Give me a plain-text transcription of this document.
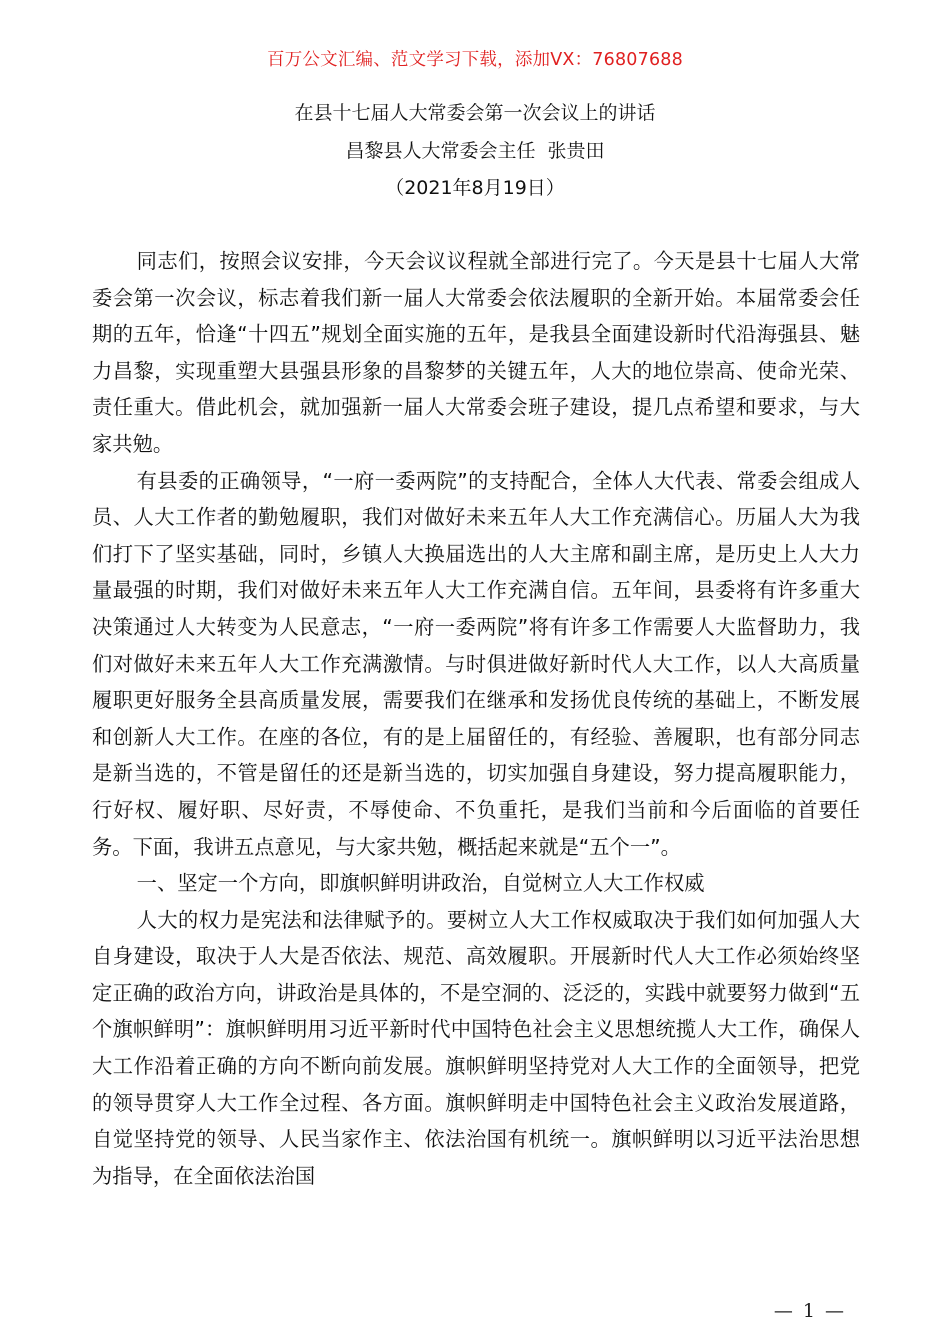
百万公文汇编、范文学习下载，添加VX：76807688
在县十七届人大常委会第一次会议上的讲话
昌黎县人大常委会主任  张贵田
（2021年8月19日）

同志们，按照会议安排，今天会议议程就全部进行完了。今天是县十七届人大常委会第一次会议，标志着我们新一届人大常委会依法履职的全新开始。本届常委会任期的五年，恰逢“十四五”规划全面实施的五年，是我县全面建设新时代沿海强县、魅力昌黎，实现重塑大县强县形象的昌黎梦的关键五年，人大的地位崇高、使命光荣、责任重大。借此机会，就加强新一届人大常委会班子建设，提几点希望和要求，与大家共勉。

有县委的正确领导，“一府一委两院”的支持配合，全体人大代表、常委会组成人员、人大工作者的勤勉履职，我们对做好未来五年人大工作充满信心。历届人大为我们打下了坚实基础，同时，乡镇人大换届选出的人大主席和副主席，是历史上人大力量最强的时期，我们对做好未来五年人大工作充满自信。五年间，县委将有许多重大决策通过人大转变为人民意志，“一府一委两院”将有许多工作需要人大监督助力，我们对做好未来五年人大工作充满激情。与时俱进做好新时代人大工作，以人大高质量履职更好服务全县高质量发展，需要我们在继承和发扬优良传统的基础上，不断发展和创新人大工作。在座的各位，有的是上届留任的，有经验、善履职，也有部分同志是新当选的，不管是留任的还是新当选的，切实加强自身建设，努力提高履职能力，行好权、履好职、尽好责，不辱使命、不负重托，是我们当前和今后面临的首要任务。下面，我讲五点意见，与大家共勉，概括起来就是“五个一”。

一、坚定一个方向，即旗帜鲜明讲政治，自觉树立人大工作权威

人大的权力是宪法和法律赋予的。要树立人大工作权威取决于我们如何加强人大自身建设，取决于人大是否依法、规范、高效履职。开展新时代人大工作必须始终坚定正确的政治方向，讲政治是具体的，不是空洞的、泛泛的，实践中就要努力做到“五个旗帜鲜明”：旗帜鲜明用习近平新时代中国特色社会主义思想统揽人大工作，确保人大工作沿着正确的方向不断向前发展。旗帜鲜明坚持党对人大工作的全面领导，把党的领导贯穿人大工作全过程、各方面。旗帜鲜明走中国特色社会主义政治发展道路，自觉坚持党的领导、人民当家作主、依法治国有机统一。旗帜鲜明以习近平法治思想为指导，在全面依法治国

— 1 —
